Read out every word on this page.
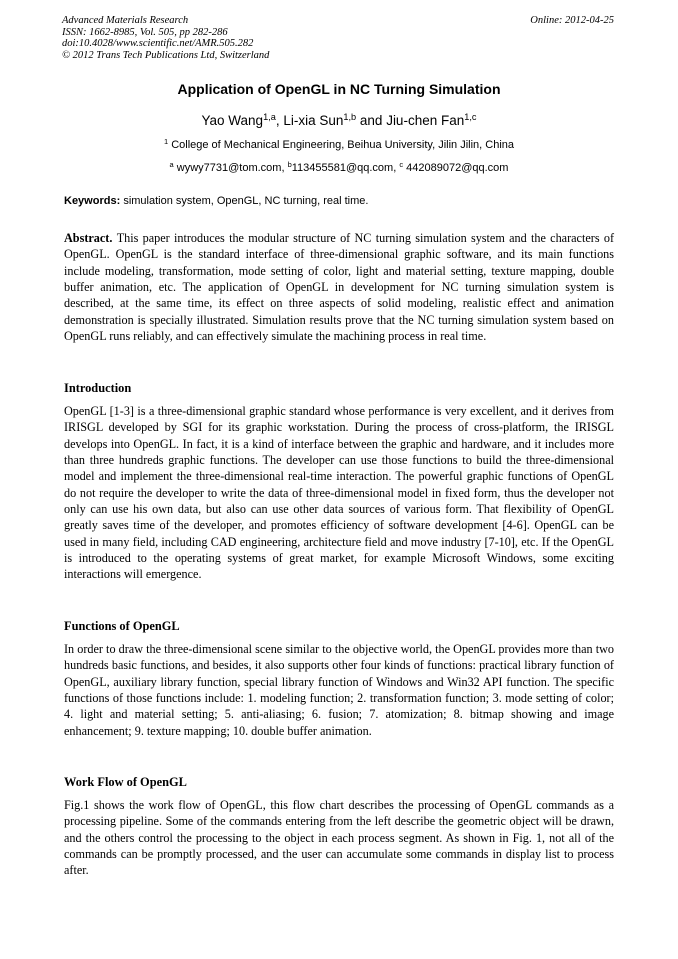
Advanced Materials Research
ISSN: 1662-8985, Vol. 505, pp 282-286
doi:10.4028/www.scientific.net/AMR.505.282
© 2012 Trans Tech Publications Ltd, Switzerland
Online: 2012-04-25
Application of OpenGL in NC Turning Simulation
Yao Wang$^{1,a}$, Li-xia Sun$^{1,b}$ and Jiu-chen Fan$^{1,c}$
$^1$ College of Mechanical Engineering, Beihua University, Jilin Jilin, China
$^a$ wywy7731@tom.com, $^b$113455581@qq.com, $^c$ 442089072@qq.com
Keywords: simulation system, OpenGL, NC turning, real time.

Abstract. This paper introduces the modular structure of NC turning simulation system and the characters of OpenGL. OpenGL is the standard interface of three-dimensional graphic software, and its main functions include modeling, transformation, mode setting of color, light and material setting, texture mapping, double buffer animation, etc. The application of OpenGL in development for NC turning simulation system is described, at the same time, its effect on three aspects of solid modeling, realistic effect and animation demonstration is specially illustrated. Simulation results prove that the NC turning simulation system based on OpenGL runs reliably, and can effectively simulate the machining process in real time.

Introduction

OpenGL [1-3] is a three-dimensional graphic standard whose performance is very excellent, and it derives from IRISGL developed by SGI for its graphic workstation. During the process of cross-platform, the IRISGL develops into OpenGL. In fact, it is a kind of interface between the graphic and hardware, and it includes more than three hundreds graphic functions. The developer can use those functions to build the three-dimensional model and implement the three-dimensional real-time interaction. The powerful graphic functions of OpenGL do not require the developer to write the data of three-dimensional model in fixed form, thus the developer not only can use his own data, but also can use other data sources of various form. That flexibility of OpenGL greatly saves time of the developer, and promotes efficiency of software development [4-6]. OpenGL can be used in many field, including CAD engineering, architecture field and move industry [7-10], etc. If the OpenGL is introduced to the operating systems of great market, for example Microsoft Windows, some exciting interactions will emergence.

Functions of OpenGL

In order to draw the three-dimensional scene similar to the objective world, the OpenGL provides more than two hundreds basic functions, and besides, it also supports other four kinds of functions: practical library function of OpenGL, auxiliary library function, special library function of Windows and Win32 API function. The specific functions of those functions include: 1. modeling function; 2. transformation function; 3. mode setting of color; 4. light and material setting; 5. anti-aliasing; 6. fusion; 7. atomization; 8. bitmap showing and image enhancement; 9. texture mapping; 10. double buffer animation.

Work Flow of OpenGL

Fig.1 shows the work flow of OpenGL, this flow chart describes the processing of OpenGL commands as a processing pipeline. Some of the commands entering from the left describe the geometric object will be drawn, and the others control the processing to the object in each process segment. As shown in Fig. 1, not all of the commands can be promptly processed, and the user can accumulate some commands in display list to process after.
